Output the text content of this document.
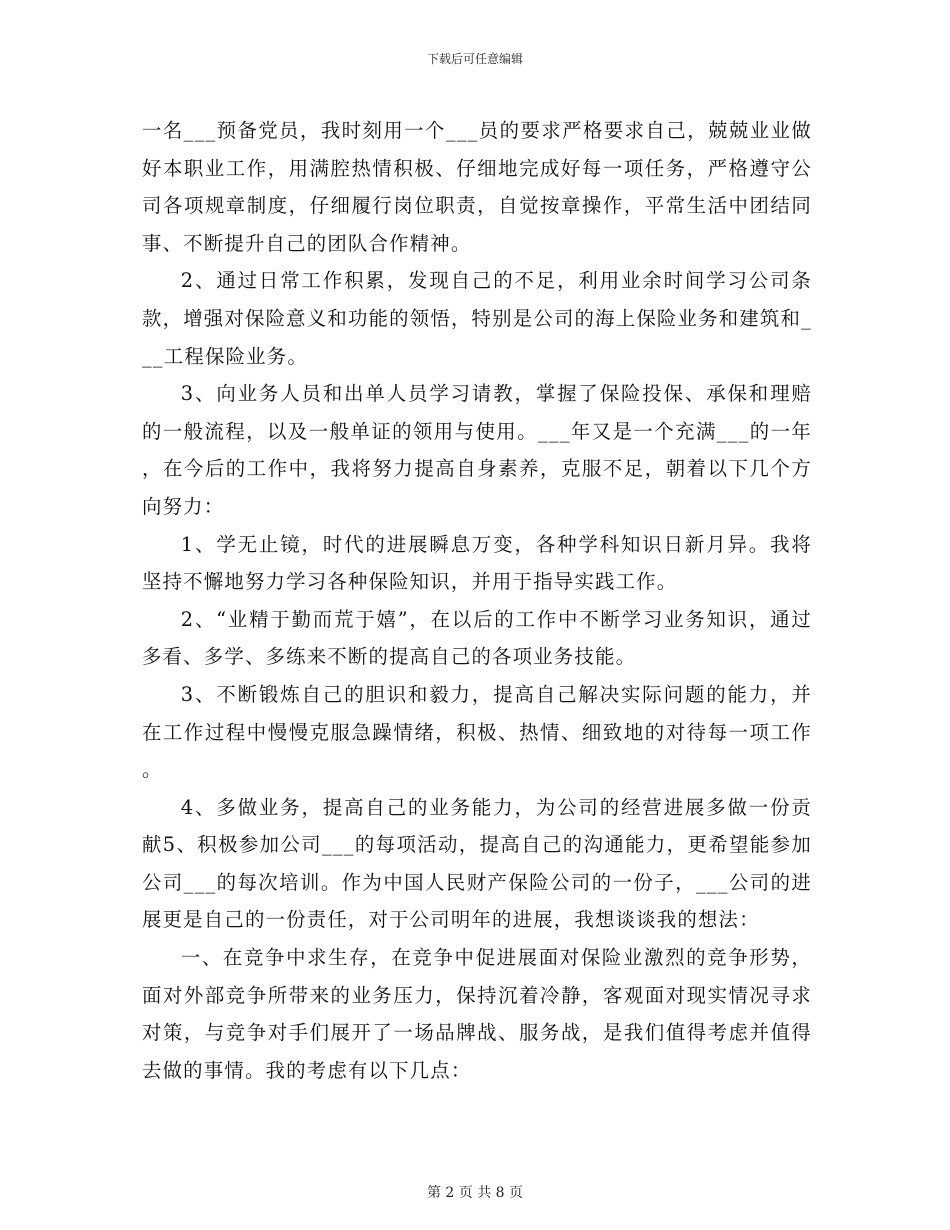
下载后可任意编辑

一名___预备党员，我时刻用一个___员的要求严格要求自己，兢兢业业做好本职业工作，用满腔热情积极、仔细地完成好每一项任务，严格遵守公司各项规章制度，仔细履行岗位职责，自觉按章操作，平常生活中团结同事、不断提升自己的团队合作精神。

2、通过日常工作积累，发现自己的不足，利用业余时间学习公司条款，增强对保险意义和功能的领悟，特别是公司的海上保险业务和建筑和___工程保险业务。

3、向业务人员和出单人员学习请教，掌握了保险投保、承保和理赔的一般流程，以及一般单证的领用与使用。___年又是一个充满___的一年，在今后的工作中，我将努力提高自身素养，克服不足，朝着以下几个方向努力：

1、学无止镜，时代的进展瞬息万变，各种学科知识日新月异。我将坚持不懈地努力学习各种保险知识，并用于指导实践工作。

2、“业精于勤而荒于嬉”，在以后的工作中不断学习业务知识，通过多看、多学、多练来不断的提高自己的各项业务技能。

3、不断锻炼自己的胆识和毅力，提高自己解决实际问题的能力，并在工作过程中慢慢克服急躁情绪，积极、热情、细致地的对待每一项工作。

4、多做业务，提高自己的业务能力，为公司的经营进展多做一份贡献5、积极参加公司___的每项活动，提高自己的沟通能力，更希望能参加公司___的每次培训。作为中国人民财产保险公司的一份子，___公司的进展更是自己的一份责任，对于公司明年的进展，我想谈谈我的想法：

一、在竞争中求生存，在竞争中促进展面对保险业激烈的竞争形势，面对外部竞争所带来的业务压力，保持沉着冷静，客观面对现实情况寻求对策，与竞争对手们展开了一场品牌战、服务战，是我们值得考虑并值得去做的事情。我的考虑有以下几点：

第 2 页 共 8 页
